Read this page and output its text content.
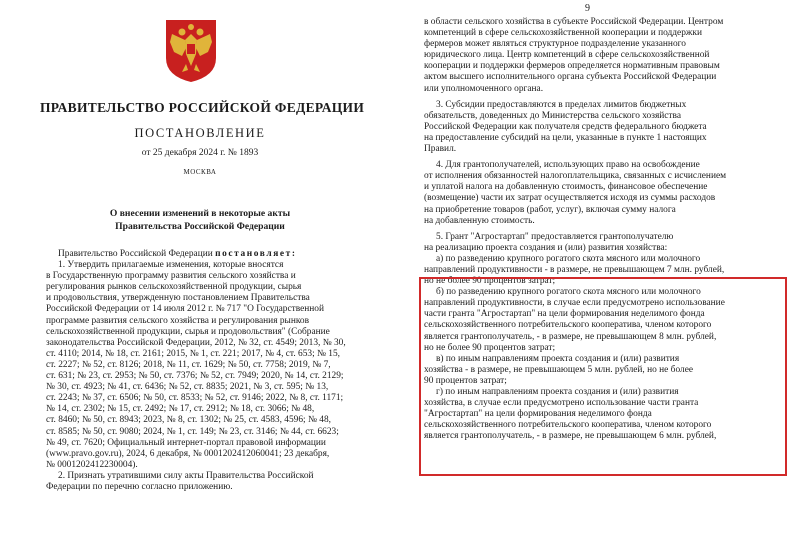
ПРАВИТЕЛЬСТВО РОССИЙСКОЙ ФЕДЕРАЦИИ
ПОСТАНОВЛЕНИЕ
от 25 декабря 2024 г. № 1893
МОСКВА
О внесении изменений в некоторые акты
Правительства Российской Федерации
Правительство Российской Федерации постановляет:
1. Утвердить прилагаемые изменения, которые вносятся
в Государственную программу развития сельского хозяйства и
регулирования рынков сельскохозяйственной продукции, сырья
и продовольствия, утвержденную постановлением Правительства
Российской Федерации от 14 июля 2012 г. № 717 "О Государственной
программе развития сельского хозяйства и регулирования рынков
сельскохозяйственной продукции, сырья и продовольствия" (Собрание
законодательства Российской Федерации, 2012, № 32, ст. 4549; 2013, № 30,
ст. 4110; 2014, № 18, ст. 2161; 2015, № 1, ст. 221; 2017, № 4, ст. 653; № 15,
ст. 2227; № 52, ст. 8126; 2018, № 11, ст. 1629; № 50, ст. 7758; 2019, № 7,
ст. 631; № 23, ст. 2953; № 50, ст. 7376; № 52, ст. 7949; 2020, № 14, ст. 2129;
№ 30, ст. 4923; № 41, ст. 6436; № 52, ст. 8835; 2021, № 3, ст. 595; № 13,
ст. 2243; № 37, ст. 6506; № 50, ст. 8533; № 52, ст. 9146; 2022, № 8, ст. 1171;
№ 14, ст. 2302; № 15, ст. 2492; № 17, ст. 2912; № 18, ст. 3066; № 48,
ст. 8460; № 50, ст. 8943; 2023, № 8, ст. 1302; № 25, ст. 4583, 4596; № 48,
ст. 8585; № 50, ст. 9080; 2024, № 1, ст. 149; № 23, ст. 3146; № 44, ст. 6623;
№ 49, ст. 7620; Официальный интернет-портал правовой информации
(www.pravo.gov.ru), 2024, 6 декабря, № 0001202412060041; 23 декабря,
№ 0001202412230004).
2. Признать утратившими силу акты Правительства Российской
Федерации по перечню согласно приложению.
9
в области сельского хозяйства в субъекте Российской Федерации. Центром
компетенций в сфере сельскохозяйственной кооперации и поддержки
фермеров может являться структурное подразделение указанного
юридического лица. Центр компетенций в сфере сельскохозяйственной
кооперации и поддержки фермеров определяется нормативным правовым
актом высшего исполнительного органа субъекта Российской Федерации
или уполномоченного органа.
3. Субсидии предоставляются в пределах лимитов бюджетных
обязательств, доведенных до Министерства сельского хозяйства
Российской Федерации как получателя средств федерального бюджета
на предоставление субсидий на цели, указанные в пункте 1 настоящих
Правил.
4. Для грантополучателей, использующих право на освобождение
от исполнения обязанностей налогоплательщика, связанных с исчислением
и уплатой налога на добавленную стоимость, финансовое обеспечение
(возмещение) части их затрат осуществляется исходя из суммы расходов
на приобретение товаров (работ, услуг), включая сумму налога
на добавленную стоимость.
5. Грант "Агростартап" предоставляется грантополучателю
на реализацию проекта создания и (или) развития хозяйства:
а) по разведению крупного рогатого скота мясного или молочного
направлений продуктивности - в размере, не превышающем 7 млн. рублей,
но не более 90 процентов затрат;
б) по разведению крупного рогатого скота мясного или молочного
направлений продуктивности, в случае если предусмотрено использование
части гранта "Агростартап" на цели формирования неделимого фонда
сельскохозяйственного потребительского кооператива, членом которого
является грантополучатель, - в размере, не превышающем 8 млн. рублей,
но не более 90 процентов затрат;
в) по иным направлениям проекта создания и (или) развития
хозяйства - в размере, не превышающем 5 млн. рублей, но не более
90 процентов затрат;
г) по иным направлениям проекта создания и (или) развития
хозяйства, в случае если предусмотрено использование части гранта
"Агростартап" на цели формирования неделимого фонда
сельскохозяйственного потребительского кооператива, членом которого
является грантополучатель, - в размере, не превышающем 6 млн. рублей,
